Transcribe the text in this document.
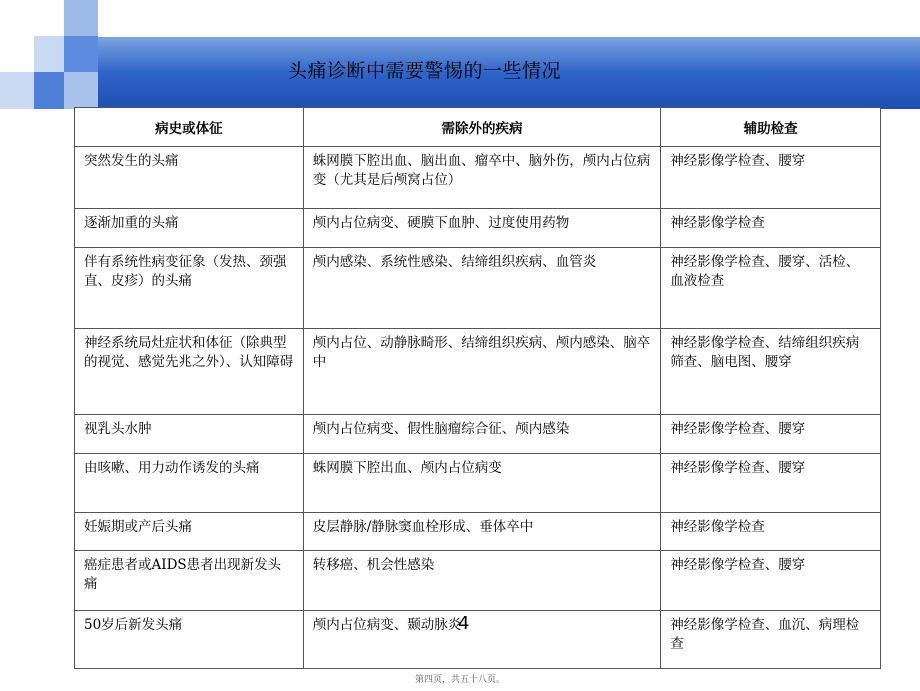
头痛诊断中需要警惕的一些情况
病史或体征	需除外的疾病	辅助检查

突然发生的头痛	蛛网膜下腔出血、脑出血、瘤卒中、脑外伤，颅内占位病变（尤其是后颅窝占位）	神经影像学检查、腰穿

逐渐加重的头痛	颅内占位病变、硬膜下血肿、过度使用药物	神经影像学检查

伴有系统性病变征象（发热、颈强直、皮疹）的头痛	颅内感染、系统性感染、结缔组织疾病、血管炎	神经影像学检查、腰穿、活检、血液检查

神经系统局灶症状和体征（除典型的视觉、感觉先兆之外）、认知障碍	颅内占位、动静脉畸形、结缔组织疾病、颅内感染、脑卒中	神经影像学检查、结缔组织疾病筛查、脑电图、腰穿

视乳头水肿	颅内占位病变、假性脑瘤综合征、颅内感染	神经影像学检查、腰穿

由咳嗽、用力动作诱发的头痛	蛛网膜下腔出血、颅内占位病变	神经影像学检查、腰穿

妊娠期或产后头痛	皮层静脉/静脉窦血栓形成、垂体卒中	神经影像学检查

癌症患者或AIDS患者出现新发头痛	转移癌、机会性感染	神经影像学检查、腰穿

50岁后新发头痛	颅内占位病变、颞动脉炎	神经影像学检查、血沉、病理检查
4
第四页，共五十八页。
